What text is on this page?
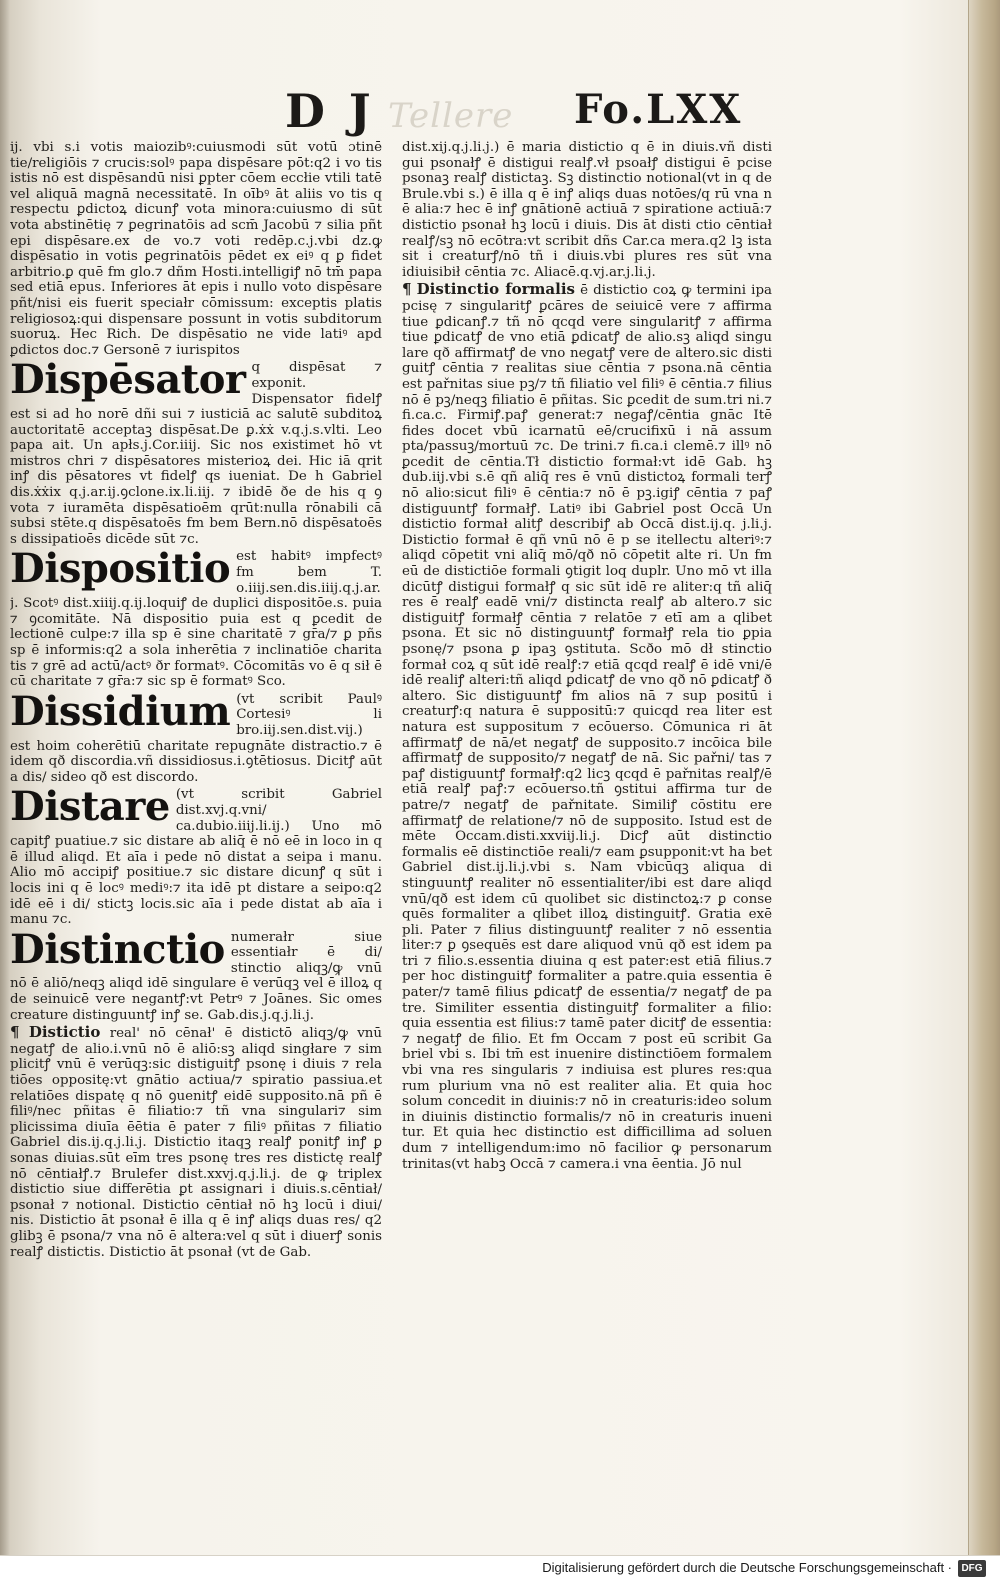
D J Tellere Fo.LXX

ij. vbi s.i votis maiozibꝰ:cuiusmodi sūt votū ɔtinē tie/religiōis ⁊ crucis:solꝰ papa dispēsare pōt:q2 i vo tis istis nō est dispēsandū nisi ꝑpter cōem eccłie vtili tatē vel aliquā magnā necessitatē. In oībꝰ āt aliis vo tis q respectu ꝑdictoꝝ dicunꝭ vota minora:cuiusmo di sūt vota abstinētię ⁊ ꝑegrinatōis ad scm̄ Jacobū ⁊ silia pñt epi dispēsare.ex de vo.⁊ voti redēp.c.j.vbi dz.ꝙ dispēsatio in votis ꝑegrinatōis pēdet ex eiꝰ q ꝑ fidet arbitrio.ꝑ quē fm glo.⁊ dñm Hosti.intelligiꝭ nō tm̄ papa sed etiā epus. Inferiores āt epis i nullo voto dispēsare pñt/nisi eis fuerit speciałr cōmissum: exceptis platis religiosoꝝ:qui dispensare possunt in votis subditorum suoruꝝ. Hec Rich. De dispēsatio ne vide latiꝰ apd ꝑdictos doc.⁊ Gersonē ⁊ iurispitos

Dispēsator q dispēsat ⁊ exponit. Dispensator fidelꝭ est si ad ho norē dñi sui ⁊ iusticiā ac salutē subditoꝝ auctoritatē acceptaꝫ dispēsat.De ꝑ.ẋẋ v.q.j.s.vlti. Leo papa ait. Un apłs.j.Cor.iiij. Sic nos existimet hō vt mistros chri ⁊ dispēsatores misterioꝝ dei. Hic iā qrit inꝭ dis pēsatores vt fidelꝭ qs iueniat. De h Gabriel dis.ẋẋix q.j.ar.ij.ꝯclone.ix.li.iij. ⁊ ibidē ðe de his q ꝯ vota ⁊ iuramēta dispēsatioēm qrūt:nulla rōnabili cā subsi stēte.q dispēsatoēs fm bem Bern.nō dispēsatoēs s dissipatioēs dicēde sūt ⁊c.
Dispositio est habitꝰ impfectꝰ fm bem T. o.iiij.sen.dis.iiij.q.j.ar. j. Scotꝰ dist.xiiij.q.ij.loquiꝭ de duplici dispositōe.s. puia ⁊ ꝯcomitāte. Nā dispositio puia est q ꝑcedit de lectionē culpe:⁊ illa sp ē sine charitatē ⁊ gr̄a/⁊ ꝑ pñs sp ē informis:q2 a sola inherētia ⁊ inclinatiōe charita tis ⁊ grē ad actū/actꝰ ðr formatꝰ. Cōcomitās vo ē q sił ē cū charitate ⁊ gr̄a:⁊ sic sp ē formatꝰ Sco.
Dissidium (vt scribit Paulꝰ Cortesiꝰ li bro.iij.sen.dist.vij.) est hoim coherētiū charitate repugnāte distractio.⁊ ē idem qð discordia.vñ dissidiosus.i.ꝯtētiosus. Dicitꝭ aūt a dis/ sideo qð est discordo.
Distare (vt scribit Gabriel dist.xvj.q.vni/ ca.dubio.iiij.li.ij.) Uno mō capitꝭ puatiue.⁊ sic distare ab aliq̄ ē nō eē in loco in q ē illud aliqd. Et aīa i pede nō distat a seipa i manu. Alio mō accipiꝭ positiue.⁊ sic distare dicunꝭ q sūt i locis ini q ē locꝰ mediꝰ:⁊ ita idē pt distare a seipo:q2 idē eē i di/ stictꝫ locis.sic aīa i pede distat ab aīa i manu ⁊c.
Distinctio numerałr siue essentiałr ē di/ stinctio aliqꝫ/ꝙ vnū nō ē aliō/neqꝫ aliqd idē singulare ē verūqꝫ vel ē illoꝝ q de seinuicē vere negantꝭ:vt Petrꝰ ⁊ Joānes. Sic omes creature distinguuntꝭ inꝭ se. Gab.dis.j.q.j.li.j.
¶ Distictio real' nō cēnał' ē distictō aliqꝫ/ꝙ vnū negatꝭ de alio.i.vnū nō ē aliō:sꝫ aliqd singłare ⁊ sim plicitꝭ vnū ē verūqꝫ:sic distiguitꝭ psonę i diuis ⁊ rela tiōes oppositę:vt gnātio actiua/⁊ spiratio passiua.et relatiōes dispatę q nō ꝯuenitꝭ eidē supposito.nā pñ ē filiꝰ/nec pñitas ē filiatio:⁊ tñ vna singulari⁊ sim plicissima diuīa ēētia ē pater ⁊ filiꝰ pñitas ⁊ filiatio Gabriel dis.ij.q.j.li.j. Distictio itaqꝫ realꝭ ponitꝭ inꝭ ꝑ sonas diuias.sūt eīm tres psonę tres res distictę realꝭ nō cēntiałꝭ.⁊ Brulefer dist.xxvj.q.j.li.j. de ꝙ triplex distictio siue differētia ꝑt assignari i diuis.s.cēntiał/ psonał ⁊ notional. Distictio cēntiał nō hꝫ locū i diui/ nis. Distictio āt psonał ē illa q ē inꝭ aliqs duas res/ q2 glibꝫ ē psona/⁊ vna nō ē altera:vel q sūt i diuerꝭ sonis realꝭ distictis. Distictio āt psonał (vt de Gab.

dist.xij.q.j.li.j.) ē maria distictio q ē in diuis.vñ disti gui psonałꝭ ē distigui realꝭ.vł psoałꝭ distigui ē pcise psonaꝫ realꝭ distictaꝫ. Sꝫ distinctio notional(vt in q de Brule.vbi s.) ē illa q ē inꝭ aliqs duas notōes/q rū vna n ē alia:⁊ hec ē inꝭ gnātionē actiuā ⁊ spiratione actiuā:⁊ distictio psonał hꝫ locū i diuis. Dis āt disti ctio cēntiał realꝭ/sꝫ nō ecōtra:vt scribit dñs Car.ca mera.q2 lꝫ ista sit i creaturꝭ/nō tñ i diuis.vbi plures res sūt vna idiuisibił cēntia ⁊c. Aliacē.q.vj.ar.j.li.j.

¶ Distinctio formalis ē distictio coꝝ ꝙ termini ipa pcisę ⁊ singularitꝭ ꝑcāres de seiuicē vere ⁊ affirma tiue ꝑdicanꝭ.⁊ tñ nō qcqd vere singularitꝭ ⁊ affirma tiue ꝑdicatꝭ de vno etiā ꝑdicatꝭ de alio.sꝫ aliqd singu lare qð affirmatꝭ de vno negatꝭ vere de altero.sic disti guitꝭ cēntia ⁊ realitas siue cēntia ⁊ psona.nā cēntia est pařnitas siue pꝫ/⁊ tñ filiatio vel filiꝰ ē cēntia.⁊ filius nō ē pꝫ/neqꝫ filiatio ē pñitas. Sic ꝑcedit de sum.tri ni.⁊ fi.ca.c. Firmiꝭ.paꝭ generat:⁊ negaꝭ/cēntia gnāc Itē fides docet vbū icarnatū eē/crucifixū i nā assum pta/passuꝫ/mortuū ⁊c. De trini.⁊ fi.ca.i clemē.⁊ illꝰ nō ꝑcedit de cēntia.Tł distictio formał:vt idē Gab. hꝫ dub.iij.vbi s.ē qñ aliq̄ res ē vnū distictoꝝ formali terꝭ nō alio:sicut filiꝰ ē cēntia:⁊ nō ē pꝫ.igiꝭ cēntia ⁊ paꝭ distiguuntꝭ formałꝭ. Latiꝰ ibi Gabriel post Occā Un distictio formał alitꝭ describiꝭ ab Occā dist.ij.q. j.li.j. Distictio formał ē qñ vnū nō ē p se itellectu alteriꝰ:⁊ aliqd cōpetit vni aliq̄ mō/qð nō cōpetit alte ri. Un fm eū de distictiōe formali ꝯtigit loq duplr. Uno mō vt illa dicūtꝭ distigui formałꝭ q sic sūt idē re aliter:q tñ aliq̄ res ē realꝭ eadē vni/⁊ distincta realꝭ ab altero.⁊ sic distiguitꝭ formałꝭ cēntia ⁊ relatōe ⁊ etī am a qlibet psona. Et sic nō distinguuntꝭ formałꝭ rela tio ꝑpia psonę/⁊ psona ꝑ ipaꝫ ꝯstituta. Scðo mō dł stinctio formał coꝝ q sūt idē realꝭ:⁊ etiā qcqd realꝭ ē idē vni/ē idē realiꝭ alteri:tñ aliqd ꝑdicatꝭ de vno qð nō ꝑdicatꝭ ð altero. Sic distiguuntꝭ fm alios nā ⁊ sup positū i creaturꝭ:q natura ē suppositū:⁊ quicqd rea liter est natura est suppositum ⁊ ecōuerso. Cōmunica ri āt affirmatꝭ de nā/et negatꝭ de supposito.⁊ incōica bile affirmatꝭ de supposito/⁊ negatꝭ de nā. Sic pařni/ tas ⁊ paꝭ distiguuntꝭ formałꝭ:q2 licꝫ qcqd ē pařnitas realꝭ/ē etiā realꝭ paꝭ:⁊ ecōuerso.tñ ꝯstitui affirma tur de patre/⁊ negatꝭ de pařnitate. Similiꝭ cōstitu ere affirmatꝭ de relatione/⁊ nō de supposito. Istud est de mēte Occam.disti.xxviij.li.j. Dicꝭ aūt distinctio formalis eē distinctiōe reali/⁊ eam ꝑsupponit:vt ha bet Gabriel dist.ij.li.j.vbi s. Nam vbicūqꝫ aliqua di stinguuntꝭ realiter nō essentialiter/ibi est dare aliqd vnū/qð est idem cū quolibet sic distinctoꝝ:⁊ ꝑ conse quēs formaliter a qlibet illoꝝ distinguitꝭ. Gratia exē pli. Pater ⁊ filius distinguuntꝭ realiter ⁊ nō essentia liter:⁊ ꝑ ꝯsequēs est dare aliquod vnū qð est idem pa tri ⁊ filio.s.essentia diuina q est pater:est etiā filius.⁊ per hoc distinguitꝭ formaliter a patre.quia essentia ē pater/⁊ tamē filius ꝑdicatꝭ de essentia/⁊ negatꝭ de pa tre. Similiter essentia distinguitꝭ formaliter a filio: quia essentia est filius:⁊ tamē pater dicitꝭ de essentia: ⁊ negatꝭ de filio. Et fm Occam ⁊ post eū scribit Ga briel vbi s. Ibi tm̄ est inuenire distinctiōem formalem vbi vna res singularis ⁊ indiuisa est plures res:qua rum plurium vna nō est realiter alia. Et quia hoc solum concedit in diuinis:⁊ nō in creaturis:ideo solum in diuinis distinctio formalis/⁊ nō in creaturis inueni tur. Et quia hec distinctio est difficillima ad soluen dum ⁊ intelligendum:imo nō facilior ꝙ personarum trinitas(vt habꝫ Occā ⁊ camera.i vna ēentia. Jō nul
Digitalisierung gefördert durch die Deutsche Forschungsgemeinschaft · DFG
